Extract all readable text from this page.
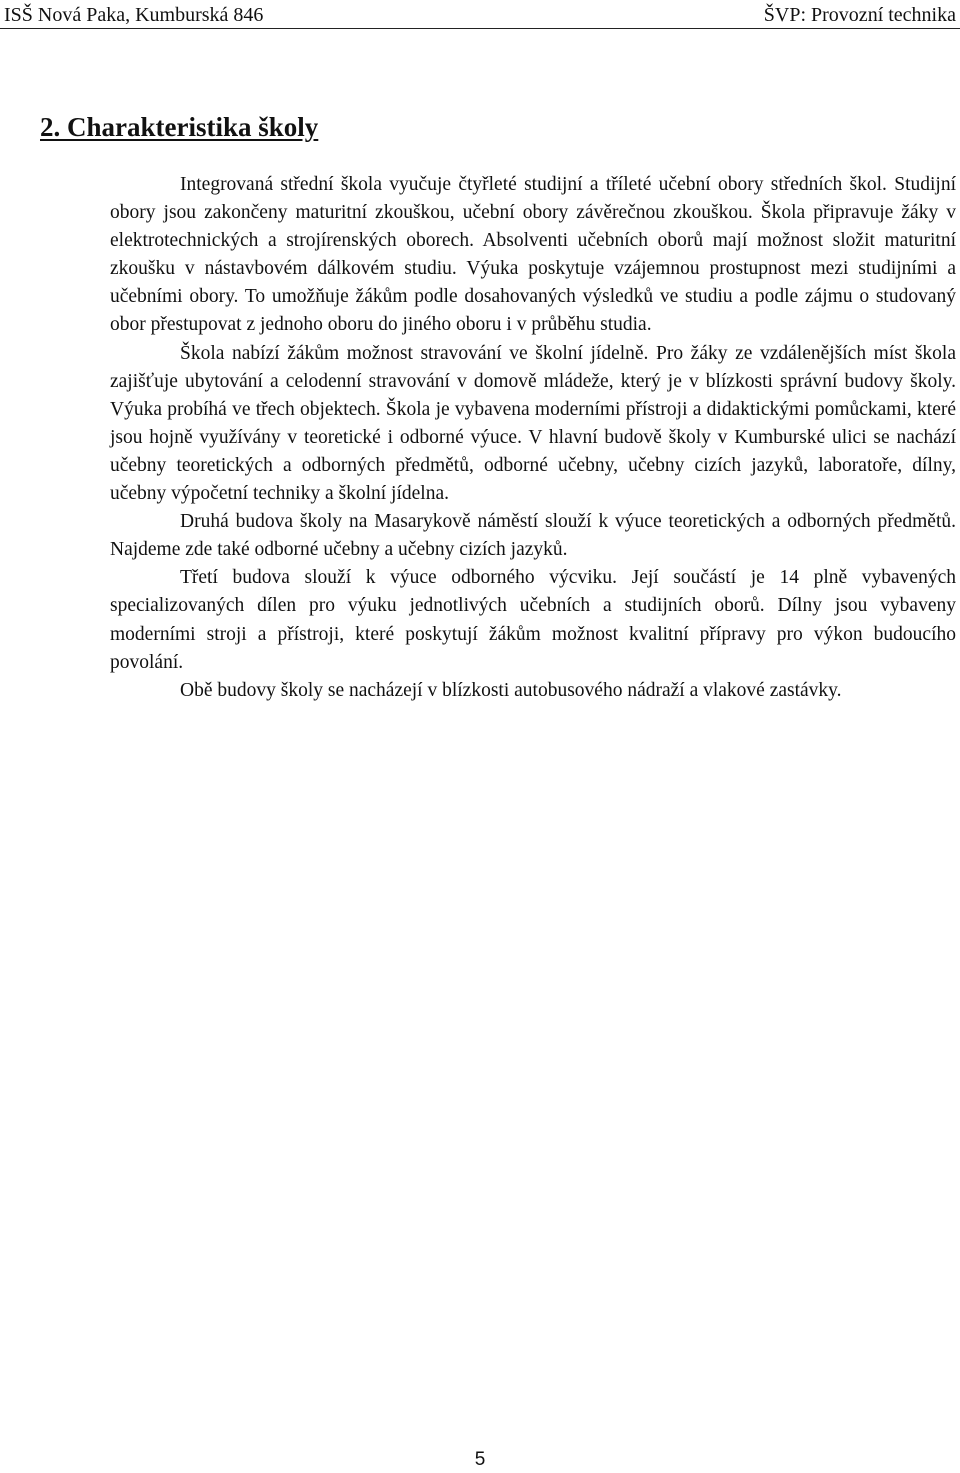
ISŠ Nová Paka, Kumburská 846	ŠVP: Provozní technika
2. Charakteristika školy

Integrovaná střední škola vyučuje čtyřleté studijní a tříleté učební obory středních škol. Studijní obory jsou zakončeny maturitní zkouškou, učební obory závěrečnou zkouškou. Škola připravuje žáky v elektrotechnických a strojírenských oborech. Absolventi učebních oborů mají možnost složit maturitní zkoušku v nástavbovém dálkovém studiu. Výuka poskytuje vzájemnou prostupnost mezi studijními a učebními obory. To umožňuje žákům podle dosahovaných výsledků ve studiu a podle zájmu o studovaný obor přestupovat z jednoho oboru do jiného oboru i v průběhu studia.

Škola nabízí žákům možnost stravování ve školní jídelně. Pro žáky ze vzdálenějších míst škola zajišťuje ubytování a celodenní stravování v domově mládeže, který je v blízkosti správní budovy školy. Výuka probíhá ve třech objektech. Škola je vybavena moderními přístroji a didaktickými pomůckami, které jsou hojně využívány v teoretické i odborné výuce. V hlavní budově školy v Kumburské ulici se nachází učebny teoretických a odborných předmětů, odborné učebny, učebny cizích jazyků, laboratoře, dílny, učebny výpočetní techniky a školní jídelna.

Druhá budova školy na Masarykově náměstí slouží k výuce teoretických a odborných předmětů. Najdeme zde také odborné učebny a učebny cizích jazyků.

Třetí budova slouží k výuce odborného výcviku. Její součástí je 14 plně vybavených specializovaných dílen pro výuku jednotlivých učebních a studijních oborů. Dílny jsou vybaveny moderními stroji a přístroji, které poskytují žákům možnost kvalitní přípravy pro výkon budoucího povolání.

Obě budovy školy se nacházejí v blízkosti autobusového nádraží a vlakové zastávky.

5
